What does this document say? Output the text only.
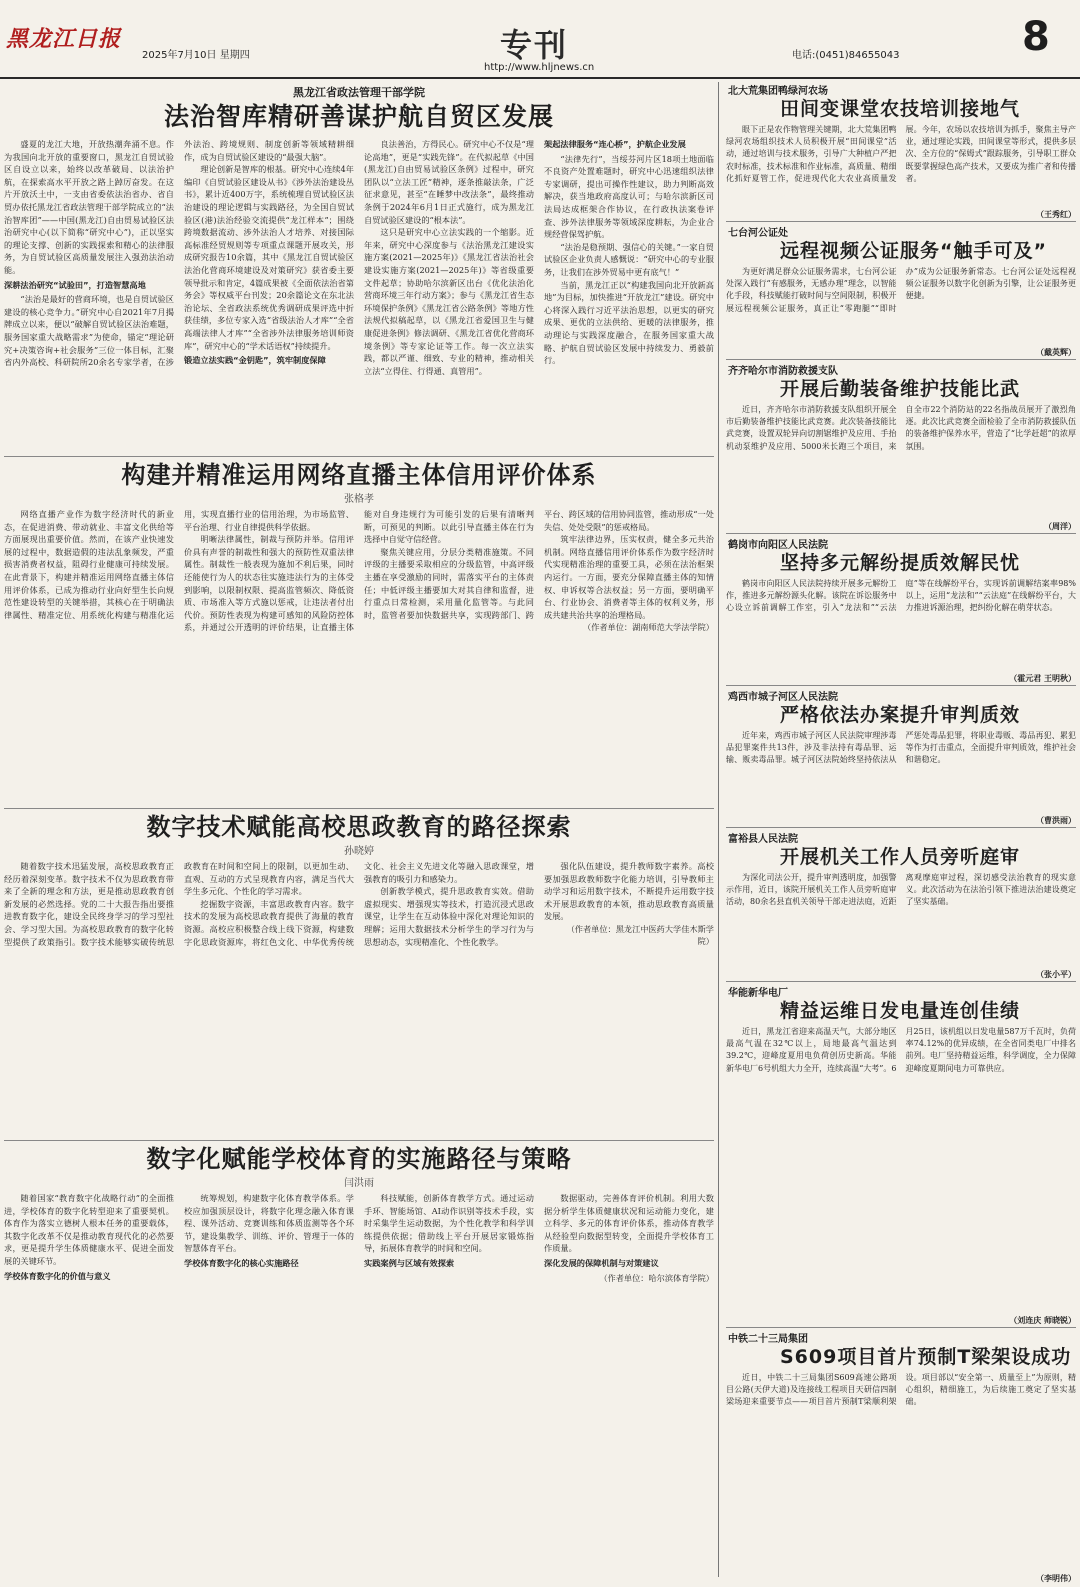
黑龙江日报
2025年7月10日 星期四	专刊
http://www.hljnews.cn
电话:(0451)84655043	8
黑龙江省政法管理干部学院
法治智库精研善谋护航自贸区发展

盛夏的龙江大地，开放热潮奔涌不息。作为我国向北开放的重要窗口，黑龙江自贸试验区自设立以来，始终以改革破局、以法治护航，在探索高水平开放之路上踔厉奋发。在这片开放沃土中，一支由省委依法治省办、省自贸办依托黑龙江省政法管理干部学院成立的“法治智库团”——中国(黑龙江)自由贸易试验区法治研究中心(以下简称“研究中心”)，正以坚实的理论支撑、创新的实践探索和精心的法律服务，为自贸试验区高质量发展注入强劲法治动能。

深耕法治研究“试验田”，打造智慧高地

“法治是最好的营商环境，也是自贸试验区建设的核心竞争力。”研究中心自2021年7月揭牌成立以来，便以“破解自贸试验区法治难题，服务国家重大战略需求”为使命，锚定“理论研究+决策咨询+社会服务”三位一体目标，汇聚省内外高校、科研院所20余名专家学者，在涉外法治、跨境规则、制度创新等领域精耕细作，成为自贸试验区建设的“最强大脑”。

理论创新是智库的根基。研究中心连续4年编印《自贸试验区建设从书》《涉外法治建设丛书》，累计近400万字，系统梳理自贸试验区法治建设的理论逻辑与实践路径，为全国自贸试验区(港)法治经验交流提供“龙江样本”；围绕跨境数据流动、涉外法治人才培养、对接国际高标准经贸规则等专项重点课题开展攻关，形成研究报告10余篇，其中《黑龙江自贸试验区法治化营商环境建设及对策研究》获省委主要领导批示和肯定，4篇成果被《全面依法治省第务会》等权威平台刊发；20余篇论文在东北法治论坛、全省政法系统优秀调研成果评选中折获佳绩，多位专家入选“省级法治人才库”“全省高端法律人才库”“全省涉外法律服务培训师资库”，研究中心的“学术话语权”持续提升。

锻造立法实践“金钥匙”，筑牢制度保障

良法善治，方得民心。研究中心不仅是“理论高地”，更是“实践先锋”。在代拟起草《中国(黑龙江)自由贸易试验区条例》过程中，研究团队以“立法工匠”精神，逐条推敲法条，广泛征求意见，甚至“在睡梦中改法条”，最终推动条例于2024年6月1日正式施行，成为黑龙江自贸试验区建设的“根本法”。

这只是研究中心立法实践的一个缩影。近年来，研究中心深度参与《法治黑龙江建设实施方案(2021—2025年)》《黑龙江省法治社会建设实施方案(2021—2025年)》等省级重要文件起草；协助哈尔滨新区出台《优化法治化营商环境三年行动方案》；参与《黑龙江省生态环境保护条例》《黑龙江省公路条例》等地方性法规代拟稿起草，以《黑龙江省爱国卫生与健康促进条例》修法调研、《黑龙江省优化营商环境条例》等专家论证等工作。每一次立法实践，都以严谨、细致、专业的精神，推动相关立法“立得住、行得通、真管用”。

架起法律服务“连心桥”，护航企业发展

“法律先行”，当绥芬河片区18项土地面临不良资产处置难题时，研究中心迅速组织法律专家调研，提出可操作性建议，助力判断高效解决，获当地政府高度认可；与哈尔滨新区司法局达成框架合作协议，在行政执法案卷评查、涉外法律服务等领域深度耕耘，为企业合规经营保驾护航。

“法治是稳预期、强信心的关键。”一家自贸试验区企业负责人感慨说：“研究中心的专业服务，让我们在涉外贸易中更有底气！”

当前，黑龙江正以“构建我国向北开放新高地”为目标，加快推进“开放龙江”建设。研究中心将深入践行习近平法治思想，以更实的研究成果、更优的立法供给、更暖的法律服务，推动理论与实践深度融合，在服务国家重大战略、护航自贸试验区发展中持续发力、勇毅前行。

构建并精准运用网络直播主体信用评价体系
张格孝

网络直播产业作为数字经济时代的新业态，在促进消费、带动就业、丰富文化供给等方面展现出重要价值。然而，在该产业快速发展的过程中，数据造假的违法乱象频发，严重损害消费者权益，阻碍行业健康可持续发展。在此背景下，构建并精准运用网络直播主体信用评价体系，已成为推动行业向好型生长向规范性建设转型的关键举措，其核心在于明确法律属性、精准定位、用系统化构建与精准化运用，实现直播行业的信用治理，为市场监管、平台治理、行业自律提供科学依据。

明晰法律属性，制裁与预防并举。信用评价具有声誉的制裁性和强大的预防性双重法律属性。制裁性一般表现为施加不利后果，同时还能使行为人的状态往实施违法行为的主体受到影响，以限制权限、提高监管频次、降低资质、市场准入等方式施以惩戒，让违法者付出代价。预防性表现为构建可感知的风险防控体系，并通过公开透明的评价结果，让直播主体能对自身违规行为可能引发的后果有清晰判断，可预见的判断。以此引导直播主体在行为选择中自觉守信经营。

聚焦关键应用，分层分类精准施策。不同评级的主播要采取相应的分级监管，中高评级主播在享受激励的同时，需落实平台的主体责任；中低评级主播要加大对其自律和监督，进行重点日常检测，采用量化监管等。与此同时，监管者要加快数据共享，实现跨部门、跨平台、跨区域的信用协同监管，推动形成“一处失信、处处受限”的惩戒格局。

筑牢法律边界，压实权责，健全多元共治机制。网络直播信用评价体系作为数字经济时代实现精准治理的重要工具，必须在法治框架内运行。一方面，要充分保障直播主体的知情权、申诉权等合法权益；另一方面，要明确平台、行业协会、消费者等主体的权利义务，形成共建共治共享的治理格局。

（作者单位：湖南师范大学法学院）

数字技术赋能高校思政教育的路径探索
孙晓婷

随着数字技术迅猛发展，高校思政教育正经历着深刻变革。数字技术不仅为思政教育带来了全新的理念和方法，更是推动思政教育创新发展的必然选择。党的二十大报告指出要推进教育数字化，建设全民终身学习的学习型社会、学习型大国。为高校思政教育的数字化转型提供了政策指引。数字技术能够实破传统思政教育在时间和空间上的限制，以更加生动、直观、互动的方式呈现教育内容，满足当代大学生多元化、个性化的学习需求。

挖掘数字资源，丰富思政教育内容。数字技术的发展为高校思政教育提供了海量的教育资源。高校应积极整合线上线下资源，构建数字化思政资源库，将红色文化、中华优秀传统文化、社会主义先进文化等融入思政课堂，增强教育的吸引力和感染力。

创新教学模式，提升思政教育实效。借助虚拟现实、增强现实等技术，打造沉浸式思政课堂，让学生在互动体验中深化对理论知识的理解；运用大数据技术分析学生的学习行为与思想动态，实现精准化、个性化教学。

强化队伍建设，提升教师数字素养。高校要加强思政教师数字化能力培训，引导教师主动学习和运用数字技术，不断提升运用数字技术开展思政教育的本领，推动思政教育高质量发展。

（作者单位：黑龙江中医药大学佳木斯学院）

数字化赋能学校体育的实施路径与策略
闫洪雨

随着国家“教育数字化战略行动”的全面推进，学校体育的数字化转型迎来了重要契机。体育作为落实立德树人根本任务的重要载体，其数字化改革不仅是推动教育现代化的必然要求，更是提升学生体质健康水平、促进全面发展的关键环节。

学校体育数字化的价值与意义

统筹规划，构建数字化体育教学体系。学校应加强顶层设计，将数字化理念融入体育课程、课外活动、竞赛训练和体质监测等各个环节，建设集教学、训练、评价、管理于一体的智慧体育平台。

学校体育数字化的核心实施路径

科技赋能，创新体育教学方式。通过运动手环、智能场馆、AI动作识别等技术手段，实时采集学生运动数据，为个性化教学和科学训练提供依据；借助线上平台开展居家锻炼指导，拓展体育教学的时间和空间。

实践案例与区域有效探索

数据驱动，完善体育评价机制。利用大数据分析学生体质健康状况和运动能力变化，建立科学、多元的体育评价体系，推动体育教学从经验型向数据型转变，全面提升学校体育工作质量。

深化发展的保障机制与对策建议

（作者单位：哈尔滨体育学院）

北大荒集团鸭绿河农场
田间变课堂农技培训接地气

眼下正是农作物管理关键期，北大荒集团鸭绿河农场组织技术人员积极开展“田间课堂”活动，通过培训与技术服务，引导广大种植户严把农时标准，技术标准和作业标准，高质量、精细化抓好夏管工作，促进现代化大农业高质量发展。今年，农场以农技培训为抓手，聚焦主导产业，通过理论实践，田间课堂等形式，提供多层次、全方位的“保姆式”跟踪服务，引导职工群众既要掌握绿色高产技术，又要成为推广者和传播者。

（王秀红）
七台河公证处
远程视频公证服务“触手可及”

为更好满足群众公证服务需求，七台河公证处深入践行“有感服务，无感办理”理念，以智能化手段，科技赋能打破时间与空间限制，积极开展远程视频公证服务，真正让“零跑腿”“即时办”成为公证服务新常态。七台河公证处远程视频公证服务以数字化创新为引擎，让公证服务更便捷。

（戴英辉）
齐齐哈尔市消防救援支队
开展后勤装备维护技能比武

近日，齐齐哈尔市消防救援支队组织开展全市后勤装备维护技能比武竞赛。此次装备技能比武竞赛，设置双轮异向切割锯维护及应用、手抬机动泵维护及应用、5000米长跑三个项目，来自全市22个消防站的22名指战员展开了激烈角逐。此次比武竞赛全面检验了全市消防救援队伍的装备维护保养水平，营造了“比学赶超”的浓厚氛围。

（周洋）
鹤岗市向阳区人民法院
坚持多元解纷提质效解民忧

鹤岗市向阳区人民法院持续开展多元解纷工作，推进多元解纷源头化解。该院在诉讼服务中心设立诉前调解工作室，引入“龙法和”“云法庭”等在线解纷平台，实现诉前调解结案率98%以上，运用“龙法和”“云法庭”在线解纷平台，大力推进诉源治理，把纠纷化解在萌芽状态。

（霍元君 王明秋）
鸡西市城子河区人民法院
严格依法办案提升审判质效

近年来，鸡西市城子河区人民法院审理涉毒品犯罪案件共13件，涉及非法持有毒品罪、运输、贩卖毒品罪。城子河区法院始终坚持依法从严惩处毒品犯罪，将职业毒贩、毒品再犯、累犯等作为打击重点，全面提升审判质效，维护社会和谐稳定。

（曹洪雨）
富裕县人民法院
开展机关工作人员旁听庭审

为深化司法公开，提升审判透明度，加强警示作用，近日，该院开展机关工作人员旁听庭审活动，80余名县直机关领导干部走进法庭，近距离观摩庭审过程，深切感受法治教育的现实意义。此次活动为在法治引领下推进法治建设奠定了坚实基础。

（张小平）
华能新华电厂
精益运维日发电量连创佳绩

近日，黑龙江省迎来高温天气，大部分地区最高气温在32℃以上，局地最高气温达到39.2℃，迎峰度夏用电负荷创历史新高。华能新华电厂6号机组大力全开，连续高温“大考”。6月25日，该机组以日发电量587万千瓦时，负荷率74.12%的优异成绩，在全省同类电厂中排名前列。电厂坚持精益运维，科学调度，全力保障迎峰度夏期间电力可靠供应。

（刘连庆 师晓锐）
中铁二十三局集团
S609项目首片预制T梁架设成功

近日，中铁二十三局集团S609高速公路项目公路(天伊大道)及连接线工程项目天研信四制梁场迎来重要节点——项目首片预制T梁顺利架设。项目部以“安全第一、质量至上”为原则，精心组织，精细施工，为后续施工奠定了坚实基础。

（李明伟）
